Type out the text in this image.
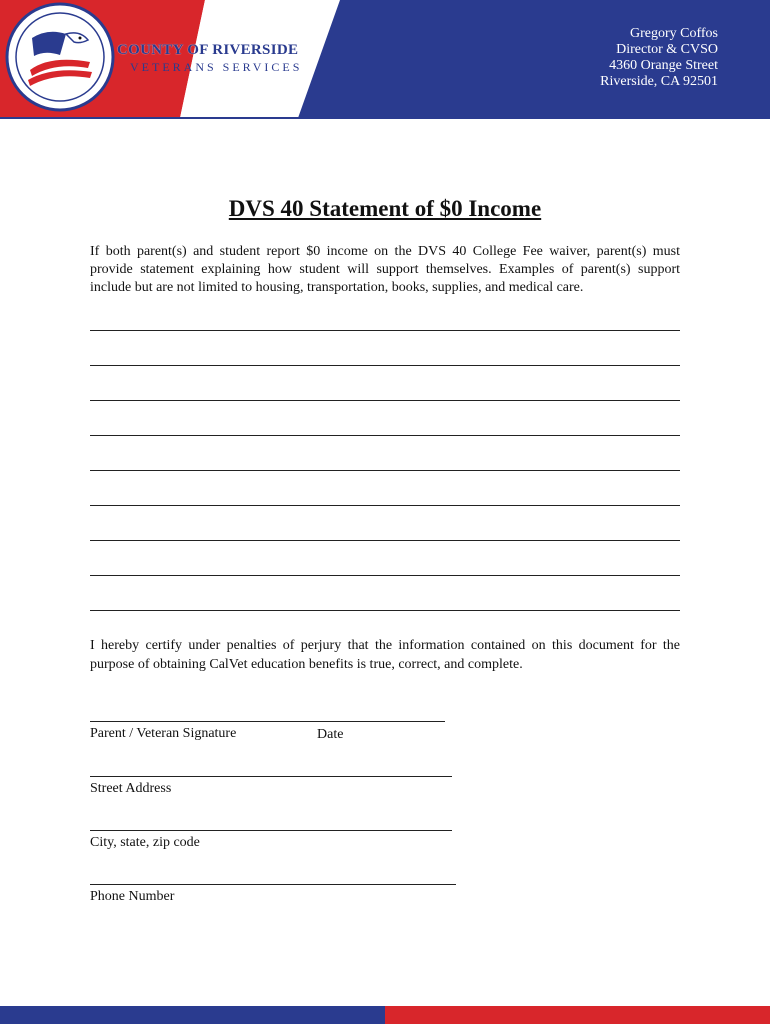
COUNTY OF RIVERSIDE
VETERANS SERVICES
Gregory Coffos
Director & CVSO
4360 Orange Street
Riverside, CA 92501
DVS 40 Statement of $0 Income
If both parent(s) and student report $0 income on the DVS 40 College Fee waiver, parent(s) must provide statement explaining how student will support themselves. Examples of parent(s) support include but are not limited to housing, transportation, books, supplies, and medical care.
I hereby certify under penalties of perjury that the information contained on this document for the purpose of obtaining CalVet education benefits is true, correct, and complete.
Parent / Veteran Signature	Date
Street Address
City, state, zip code
Phone Number
